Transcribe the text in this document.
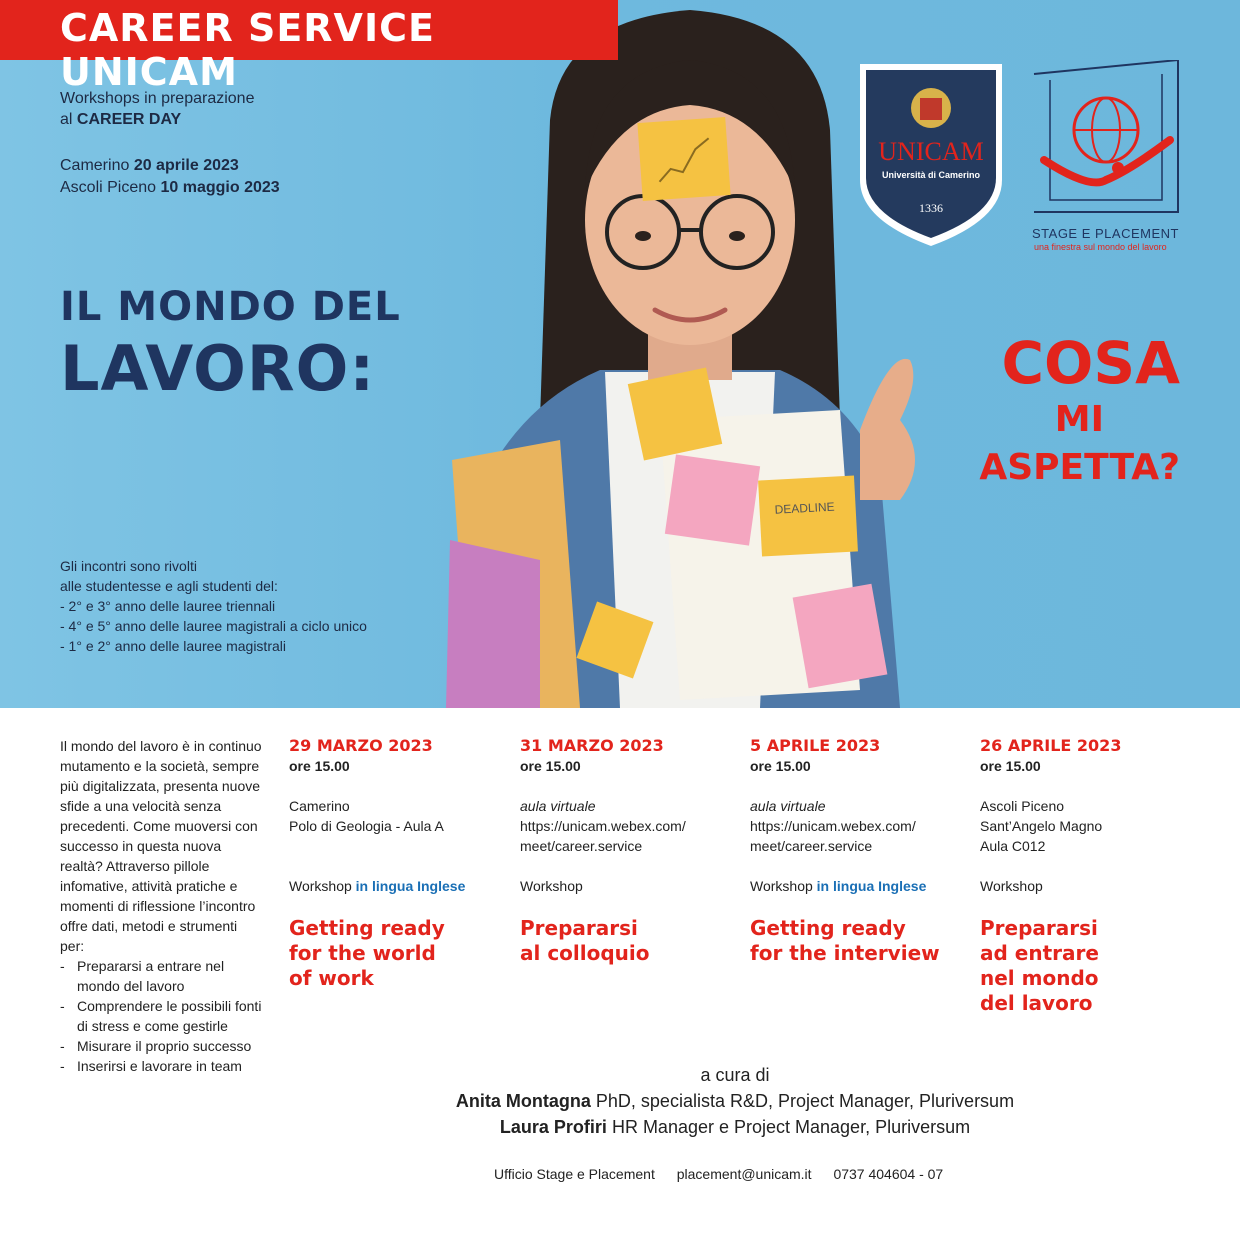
DEADLINE
CAREER SERVICE UNICAM
Workshops in preparazione
al CAREER DAY
Camerino 20 aprile 2023
Ascoli Piceno 10 maggio 2023
IL MONDO DEL
LAVORO:	COSA
MI
ASPETTA?
Gli incontri sono rivolti
alle studentesse e agli studenti del:
- 2° e 3° anno delle lauree triennali
- 4° e 5° anno delle lauree magistrali a ciclo unico
- 1° e 2° anno delle lauree magistrali
UNICAM
Università di Camerino
1336
STAGE E PLACEMENT
una finestra sul mondo del lavoro
Il mondo del lavoro è in continuo mutamento e la società, sempre più digitalizzata, presenta nuove sfide a una velocità senza precedenti. Come muoversi con successo in questa nuova realtà? Attraverso pillole infomative, attività pratiche e momenti di riflessione l’incontro offre dati, metodi e strumenti per:
- Prepararsi a entrare nel mondo del lavoro
- Comprendere le possibili fonti di stress e come gestirle
- Misurare il proprio successo
- Inserirsi e lavorare in team
29 MARZO 2023
ore 15.00
Camerino
Polo di Geologia - Aula A
Workshop in lingua Inglese
Getting ready
for the world
of work
31 MARZO 2023
ore 15.00
aula virtuale
https://unicam.webex.com/
meet/career.service
Workshop
Prepararsi
al colloquio
5 APRILE 2023
ore 15.00
aula virtuale
https://unicam.webex.com/
meet/career.service
Workshop in lingua Inglese
Getting ready
for the interview
26 APRILE 2023
ore 15.00
Ascoli Piceno
Sant’Angelo Magno
Aula C012
Workshop
Prepararsi
ad entrare
nel mondo
del lavoro
a cura di
Anita Montagna PhD, specialista R&D, Project Manager, Pluriversum
Laura Profiri HR Manager e Project Manager, Pluriversum
Ufficio Stage e Placement placement@unicam.it 0737 404604 - 07
